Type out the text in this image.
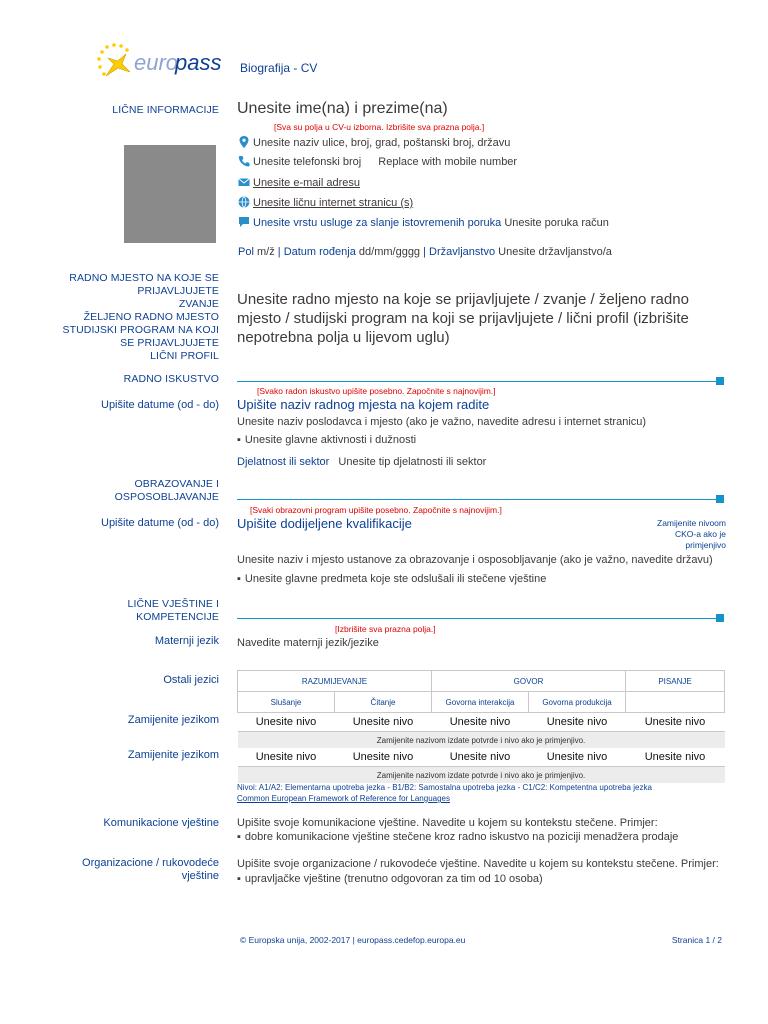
euro
pass Biografija - CV
LIČNE INFORMACIJE Unesite ime(na) i prezime(na)
[Sva su polja u CV-u izborna. Izbrišite sva prazna polja.]
Unesite naziv ulice, broj, grad, poštanski broj, državu
Unesite telefonski broj Replace with mobile number
Unesite e-mail adresu
Unesite ličnu internet stranicu (s)
Unesite vrstu usluge za slanje istovremenih poruka Unesite poruka račun
Pol m/ž | Datum rođenja dd/mm/gggg | Državljanstvo Unesite državljanstvo/a
RADNO MJESTO NA KOJE SE
PRIJAVLJUJETE
ZVANJE
ŽELJENO RADNO MJESTO
STUDIJSKI PROGRAM NA KOJI
SE PRIJAVLJUJETE
LIČNI PROFIL
Unesite radno mjesto na koje se prijavljujete / zvanje / željeno radno mjesto / studijski program na koji se prijavljujete / lični profil (izbrišite nepotrebna polja u lijevom uglu)
RADNO ISKUSTVO
[Svako radon iskustvo upišite posebno. Započnite s najnovijim.]
Upišite datume (od - do) Upišite naziv radnog mjesta na kojem radite
Unesite naziv poslodavca i mjesto (ako je važno, navedite adresu i internet stranicu)
▪ Unesite glavne aktivnosti i dužnosti
Djelatnost ili sektor Unesite tip djelatnosti ili sektor
OBRAZOVANJE I
OSPOSOBLJAVANJE
[Svaki obrazovni program upišite posebno. Započnite s najnovijim.]
Upišite datume (od - do) Upišite dodijeljene kvalifikacije	Zamijenite nivoom
CKO-a ako je
primjenjivo
Unesite naziv i mjesto ustanove za obrazovanje i osposobljavanje (ako je važno, navedite državu)
▪ Unesite glavne predmeta koje ste odslušali ili stečene vještine
LIČNE VJEŠTINE I
KOMPETENCIJE
[Izbrišite sva prazna polja.]
Maternji jezik Navedite maternji jezik/jezike
Ostali jezici
Zamijenite jezikom
Zamijenite jezikom
RAZUMIJEVANJE		GOVOR		PISANJE
Slušanje	Čitanje	Govorna interakcija	Govorna produkcija	
Unesite nivo	Unesite nivo	Unesite nivo	Unesite nivo	Unesite nivo
Zamijenite nazivom izdate potvrde i nivo ako je primjenjivo.				
Unesite nivo	Unesite nivo	Unesite nivo	Unesite nivo	Unesite nivo
Zamijenite nazivom izdate potvrde i nivo ako je primjenjivo.				
Nivoi: A1/A2: Elementarna upotreba jezka - B1/B2: Samostalna upotreba jezka - C1/C2: Kompetentna upotreba jezka
Common European Framework of Reference for Languages
Komunikacione vještine Upišite svoje komunikacione vještine. Navedite u kojem su kontekstu stečene. Primjer:
▪ dobre komunikacione vještine stečene kroz radno iskustvo na poziciji menadžera prodaje
Organizacione / rukovodeće
vještine
Upišite svoje organizacione / rukovodeće vještine. Navedite u kojem su kontekstu stečene. Primjer:
▪ upravljačke vještine (trenutno odgovoran za tim od 10 osoba)
© Europska unija, 2002-2017 | europass.cedefop.europa.eu	Stranica 1 / 2
